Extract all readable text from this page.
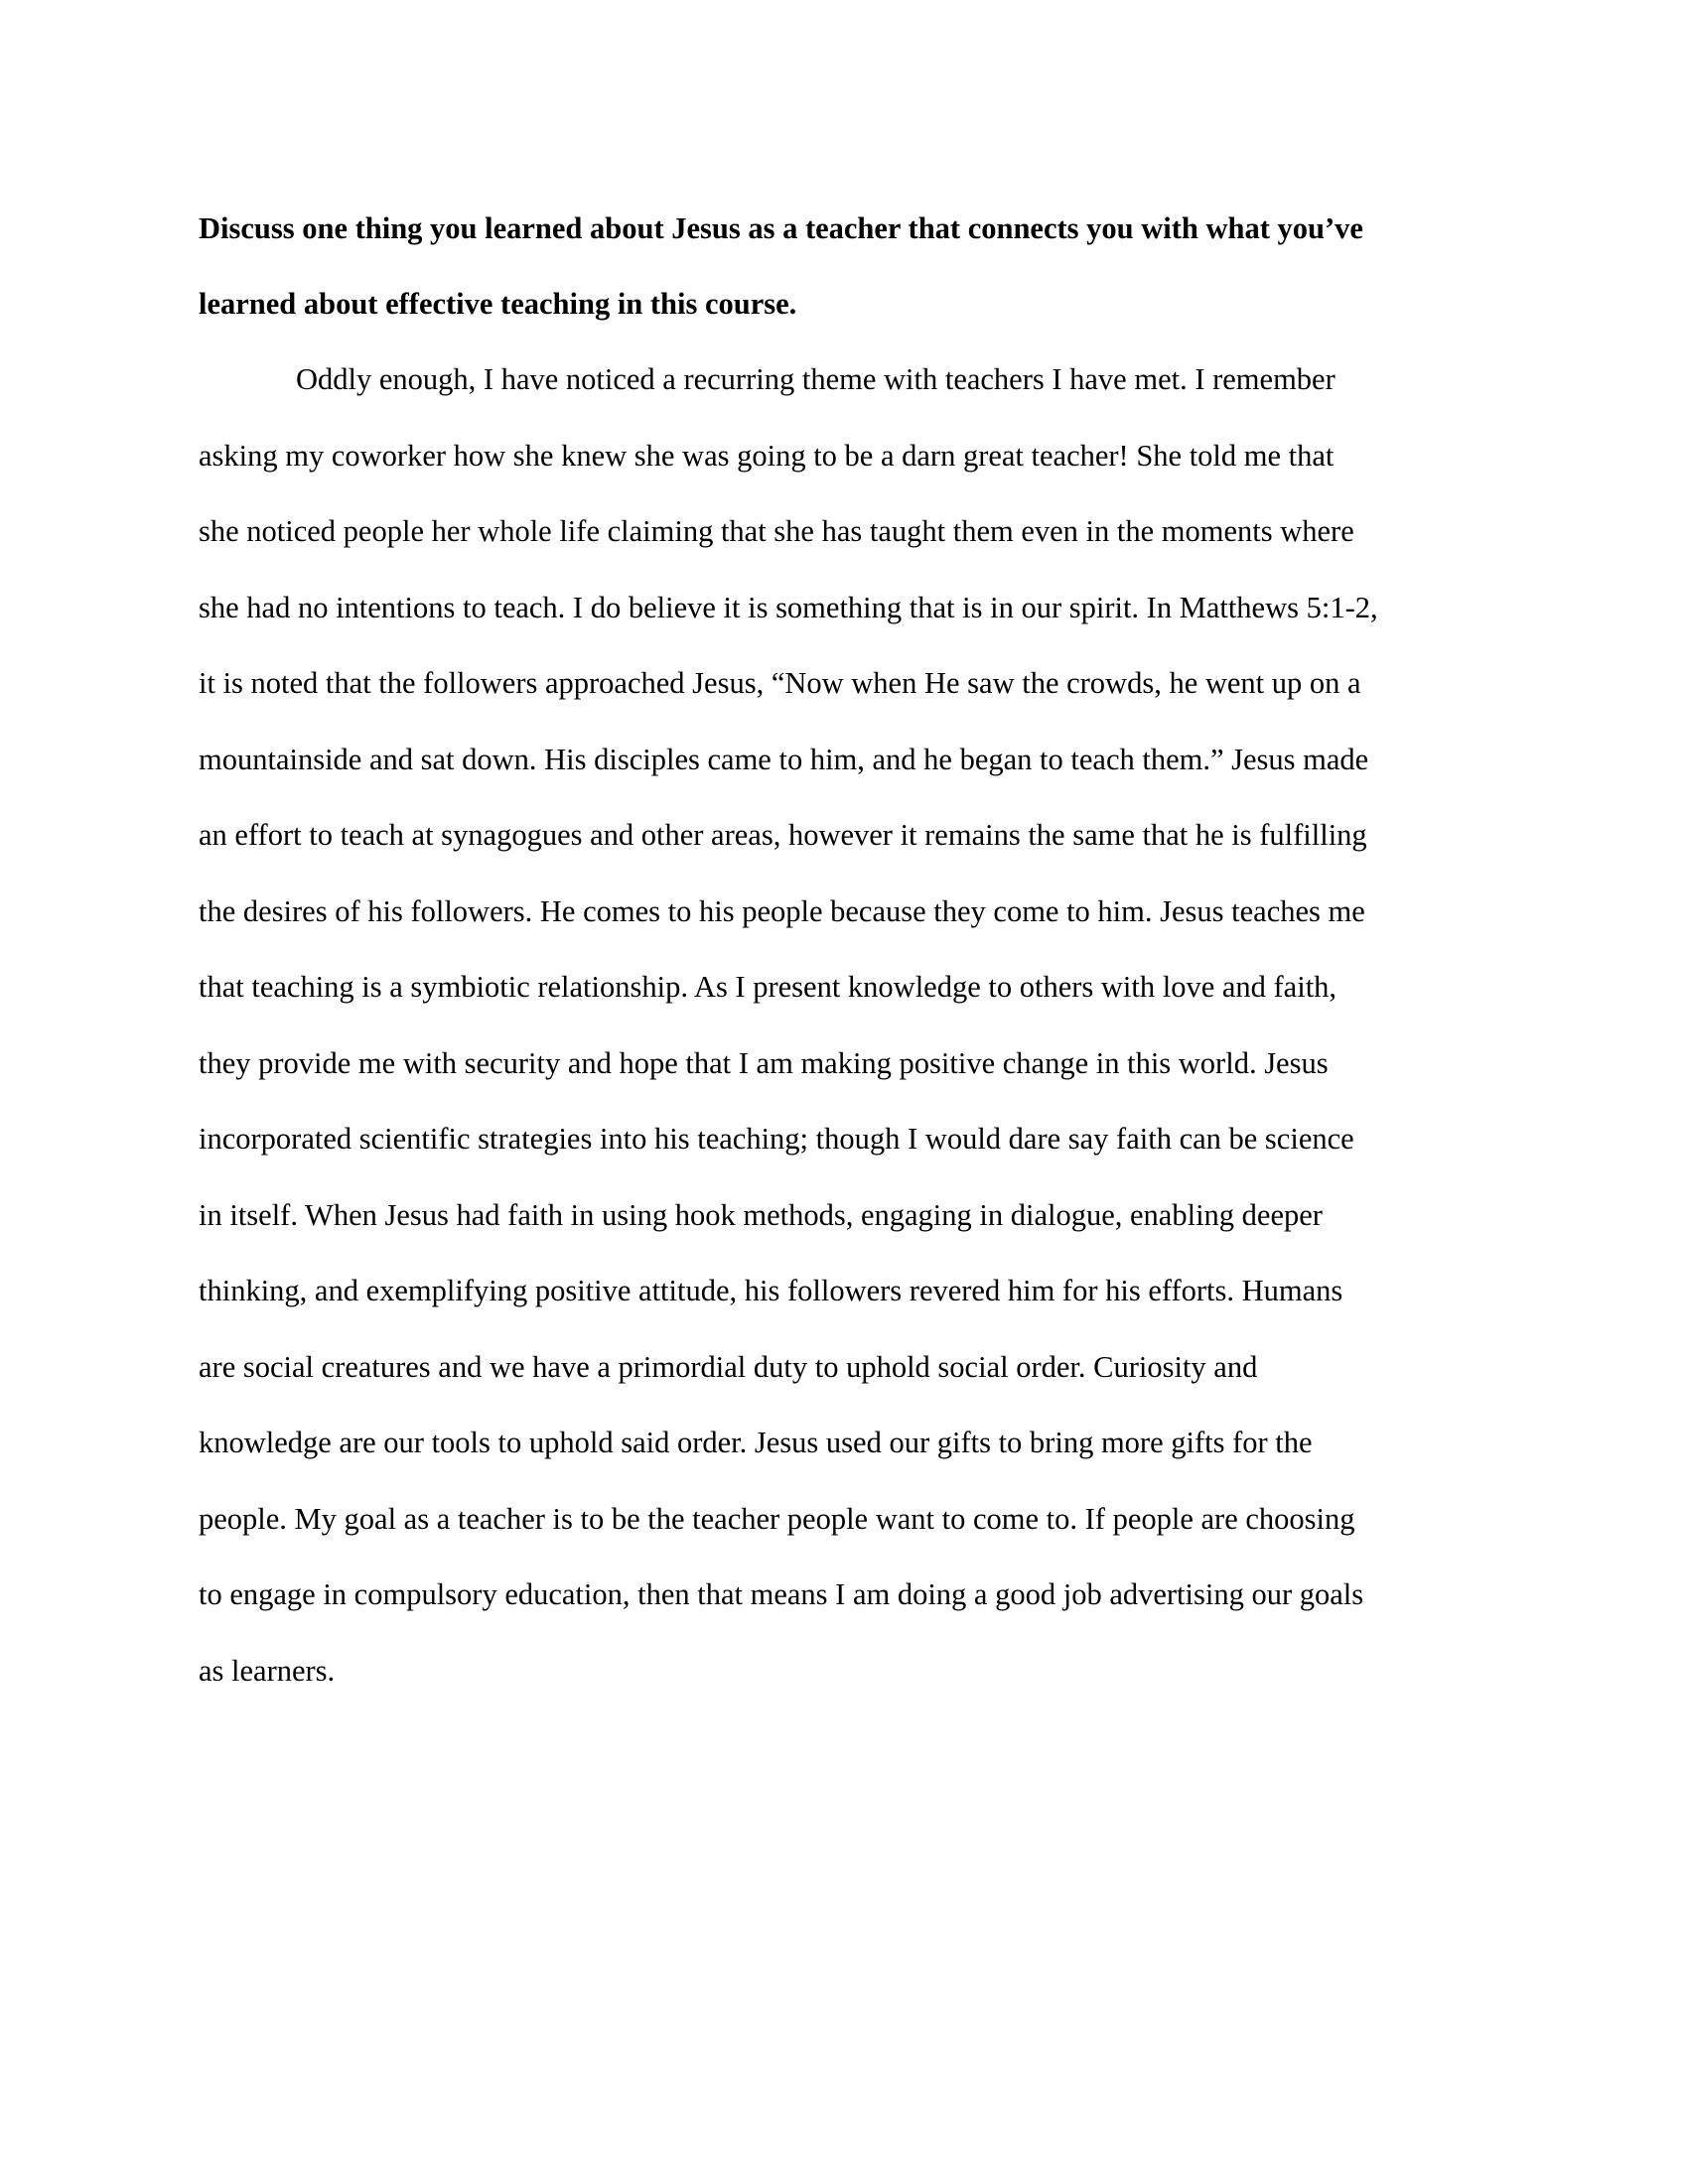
Discuss one thing you learned about Jesus as a teacher that connects you with what you’ve
learned about effective teaching in this course.

Oddly enough, I have noticed a recurring theme with teachers I have met. I remember
asking my coworker how she knew she was going to be a darn great teacher! She told me that
she noticed people her whole life claiming that she has taught them even in the moments where
she had no intentions to teach. I do believe it is something that is in our spirit. In Matthews 5:1-2,
it is noted that the followers approached Jesus, “Now when He saw the crowds, he went up on a
mountainside and sat down. His disciples came to him, and he began to teach them.” Jesus made
an effort to teach at synagogues and other areas, however it remains the same that he is fulfilling
the desires of his followers. He comes to his people because they come to him. Jesus teaches me
that teaching is a symbiotic relationship. As I present knowledge to others with love and faith,
they provide me with security and hope that I am making positive change in this world. Jesus
incorporated scientific strategies into his teaching; though I would dare say faith can be science
in itself. When Jesus had faith in using hook methods, engaging in dialogue, enabling deeper
thinking, and exemplifying positive attitude, his followers revered him for his efforts. Humans
are social creatures and we have a primordial duty to uphold social order. Curiosity and
knowledge are our tools to uphold said order. Jesus used our gifts to bring more gifts for the
people. My goal as a teacher is to be the teacher people want to come to. If people are choosing
to engage in compulsory education, then that means I am doing a good job advertising our goals
as learners.
